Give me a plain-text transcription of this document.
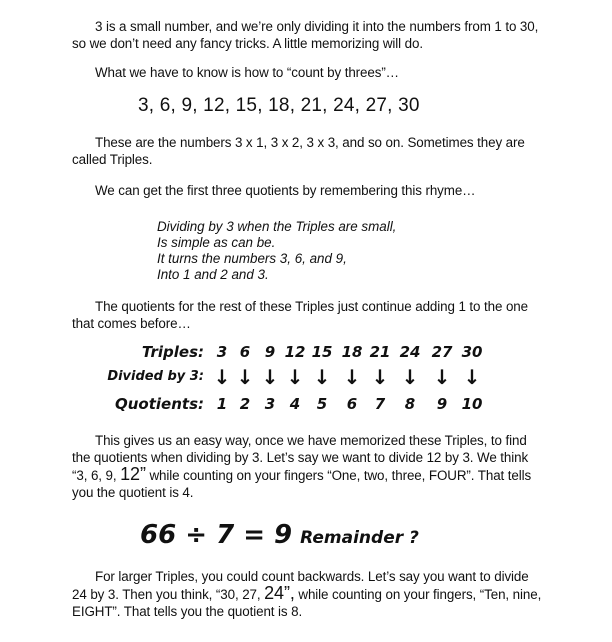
3 is a small number, and we’re only dividing it into the numbers from 1 to 30, so we don’t need any fancy tricks. A little memorizing will do.
What we have to know is how to “count by threes”…
3, 6, 9, 12, 15, 18, 21, 24, 27, 30
These are the numbers 3 x 1, 3 x 2, 3 x 3, and so on. Sometimes they are called Triples.
We can get the first three quotients by remembering this rhyme…
Dividing by 3 when the Triples are small,
Is simple as can be.
It turns the numbers 3, 6, and 9,
Into 1 and 2 and 3.
The quotients for the rest of these Triples just continue adding 1 to the one that comes before…
Triples:
Divided by 3:
Quotients:
3
↓
1
6
↓
2
9
↓
3
12
↓
4
15
↓
5
18
↓
6
21
↓
7
24
↓
8
27
↓
9
30
↓
10
This gives us an easy way, once we have memorized these Triples, to find the quotients when dividing by 3. Let’s say we want to divide 12 by 3. We think “3, 6, 9, 12” while counting on your fingers “One, two, three, FOUR”. That tells you the quotient is 4.
66 ÷ 7 = 9 Remainder ?
For larger Triples, you could count backwards. Let’s say you want to divide 24 by 3. Then you think, “30, 27, 24”, while counting on your fingers, “Ten, nine, EIGHT”. That tells you the quotient is 8.
